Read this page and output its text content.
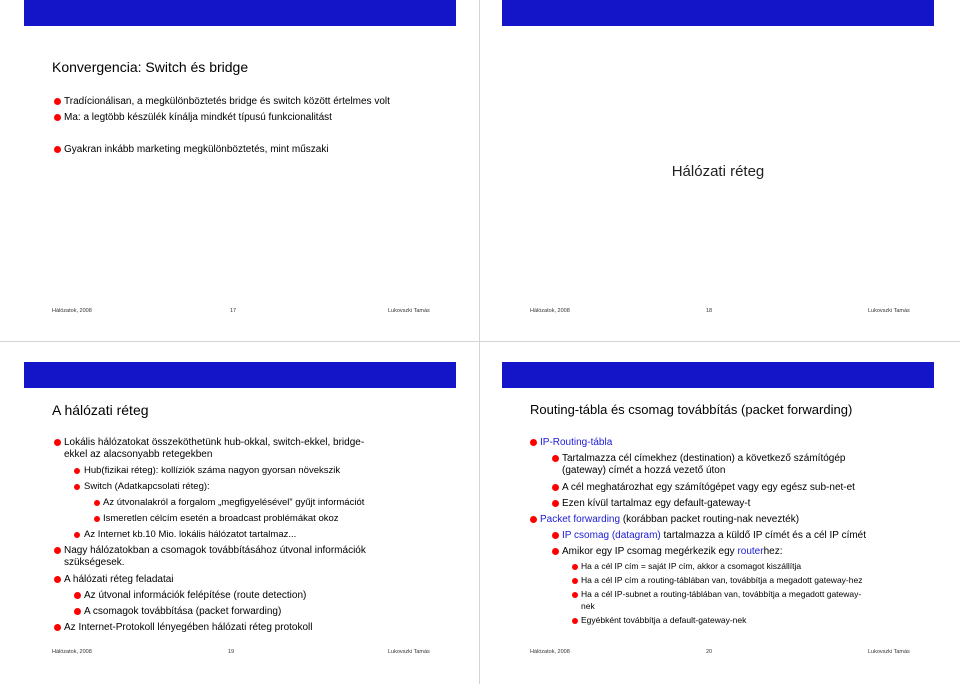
Konvergencia: Switch és bridge
Tradícionálisan, a megkülönböztetés bridge és switch között értelmes volt
Ma: a legtöbb készülék kínálja mindkét típusú funkcionalitást
Gyakran inkább marketing megkülönböztetés, mint műszaki
Hálózatok, 2008	17	Lukovszki Tamás
Hálózati réteg
Hálózatok, 2008	18	Lukovszki Tamás
A hálózati réteg
Lokális hálózatokat összeköthetünk hub-okkal, switch-ekkel, bridge-
ekkel az alacsonyabb retegekben
Hub(fizikai réteg): kollíziók száma nagyon gyorsan növekszik
Switch (Adatkapcsolati réteg):
Az útvonalakról a forgalom „megfigyelésével” gyűjt információt
Ismeretlen célcím esetén a broadcast problémákat okoz
Az Internet kb.10 Mio. lokális hálózatot tartalmaz...
Nagy hálózatokban a csomagok továbbításához útvonal információk
szükségesek.
A hálózati réteg feladatai
Az útvonal információk felépítése (route detection)
A csomagok továbbítása (packet forwarding)
Az Internet-Protokoll lényegében hálózati réteg protokoll
Hálózatok, 2008	19	Lukovszki Tamás
Routing-tábla és csomag továbbítás (packet forwarding)
IP-Routing-tábla
Tartalmazza cél címekhez (destination) a következő számítógép
(gateway) címét a hozzá vezető úton
A cél meghatározhat egy számítógépet vagy egy egész sub-net-et
Ezen kívül tartalmaz egy default-gateway-t
Packet forwarding (korábban packet routing-nak nevezték)
IP csomag (datagram) tartalmazza a küldő IP címét és a cél IP címét
Amikor egy IP csomag megérkezik egy routerhez:
Ha a cél IP cím = saját IP cím, akkor a csomagot kiszállítja
Ha a cél IP cím a routing-táblában van, továbbítja a megadott gateway-hez
Ha a cél IP-subnet a routing-táblában van, továbbítja a megadott gateway-
nek
Egyébként továbbítja a default-gateway-nek
Hálózatok, 2008	20	Lukovszki Tamás
